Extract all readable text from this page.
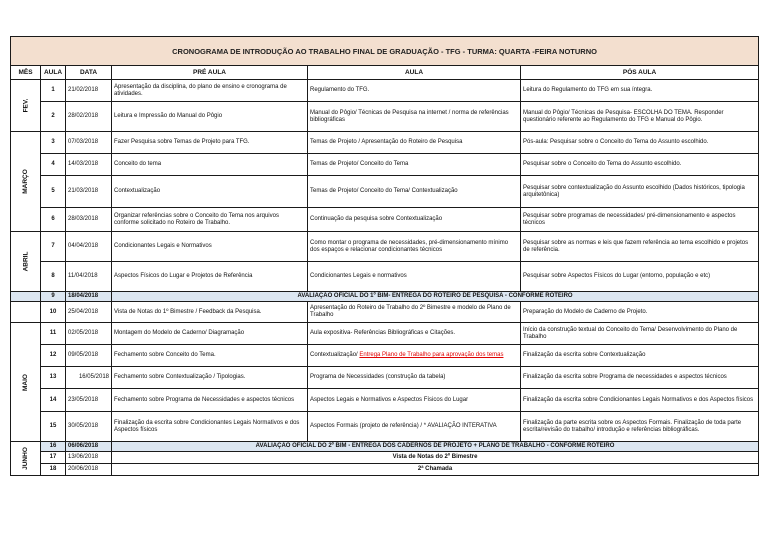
CRONOGRAMA DE INTRODUÇÃO AO TRABALHO FINAL DE GRADUAÇÃO - TFG - TURMA: QUARTA -FEIRA NOTURNO					
MÊS	AULA	DATA	PRÉ AULA	AULA	PÓS AULA
FEV.	1	21/02/2018	Apresentação da disciplina, do plano de ensino e cronograma de atividades.	Regulamento do TFG.	Leitura do Regulamento do TFG em sua íntegra.
	2	28/02/2018	Leitura e Impressão do Manual do Pôgio	Manual do Pôgio/ Técnicas de Pesquisa na internet / norma de referências bibliográficas	Manual do Pôgio/ Técnicas de Pesquisa- ESCOLHA DO TEMA. Responder questionário referente ao Regulamento do TFG e Manual do Pôgio.
MARÇO	3	07/03/2018	Fazer Pesquisa sobre Temas de Projeto para TFG.	Temas de Projeto / Apresentação do Roteiro de Pesquisa	Pós-aula: Pesquisar sobre o Conceito do Tema do Assunto escolhido.
	4	14/03/2018	Conceito do tema	Temas de Projeto/ Conceito do Tema	Pesquisar sobre o Conceito do Tema do Assunto escolhido.
	5	21/03/2018	Contextualização	Temas de Projeto/ Conceito do Tema/ Contextualização	Pesquisar sobre contextualização do Assunto escolhido (Dados históricos, tipologia arquitetônica)
	6	28/03/2018	Organizar referências sobre o Conceito do Tema nos arquivos conforme solicitado no Roteiro de Trabalho.	Continuação da pesquisa sobre Contextualização	Pesquisar sobre programas de necessidades/ pré-dimensionamento e aspectos técnicos
ABRIL	7	04/04/2018	Condicionantes Legais e Normativos	Como montar o programa de necessidades, pré-dimensionamento mínimo dos espaços e relacionar condicionantes técnicos	Pesquisar sobre as normas e leis que fazem referência ao tema escolhido e projetos de referência.
	8	11/04/2018	Aspectos Físicos do Lugar e Projetos de Referência	Condicionantes Legais e normativos	Pesquisar sobre Aspectos Físicos do Lugar (entorno, população e etc)
	9	18/04/2018	AVALIAÇÃO OFICIAL DO 1º BIM- ENTREGA DO ROTEIRO DE PESQUISA - CONFORME ROTEIRO		
	10	25/04/2018	Vista de Notas do 1º Bimestre / Feedback da Pesquisa.	Apresentação do Roteiro de Trabalho do 2º Bimestre e modelo de Plano de Trabalho	Preparação do Modelo de Caderno de Projeto.
MAIO	11	02/05/2018	Montagem do Modelo de Caderno/ Diagramação	Aula expositiva- Referências Bibliográficas e Citações.	Início da construção textual do Conceito do Tema/ Desenvolvimento do Plano de Trabalho
	12	09/05/2018	Fechamento sobre Conceito do Tema.	Contextualização/ Entrega Plano de Trabalho para aprovação dos temas	Finalização da escrita sobre Contextualização
	13	16/05/2018	Fechamento sobre Contextualização / Tipologias.	Programa de Necessidades (construção da tabela)	Finalização da escrita sobre Programa de necessidades e aspectos técnicos
	14	23/05/2018	Fechamento sobre Programa de Necessidades e aspectos técnicos	Aspectos Legais e Normativos e Aspectos Físicos do Lugar	Finalização da escrita sobre Condicionantes Legais Normativos e dos Aspectos físicos
	15	30/05/2018	Finalização da escrita sobre Condicionantes Legais Normativos e dos Aspectos físicos	Aspectos Formais (projeto de referência) / * AVALIAÇÃO INTERATIVA	Finalização da parte escrita sobre os Aspectos Formais. Finalização de toda parte escrita/revisão do trabalho/ introdução e referências bibliográficas.
JUNHO	16	06/06/2018	AVALIAÇÃO OFICIAL DO 2º BIM - ENTREGA DOS CADERNOS DE PROJETO + PLANO DE TRABALHO - CONFORME ROTEIRO		
	17	13/06/2018	Vista de Notas do 2º Bimestre		
	18	20/06/2018	2ª Chamada		
